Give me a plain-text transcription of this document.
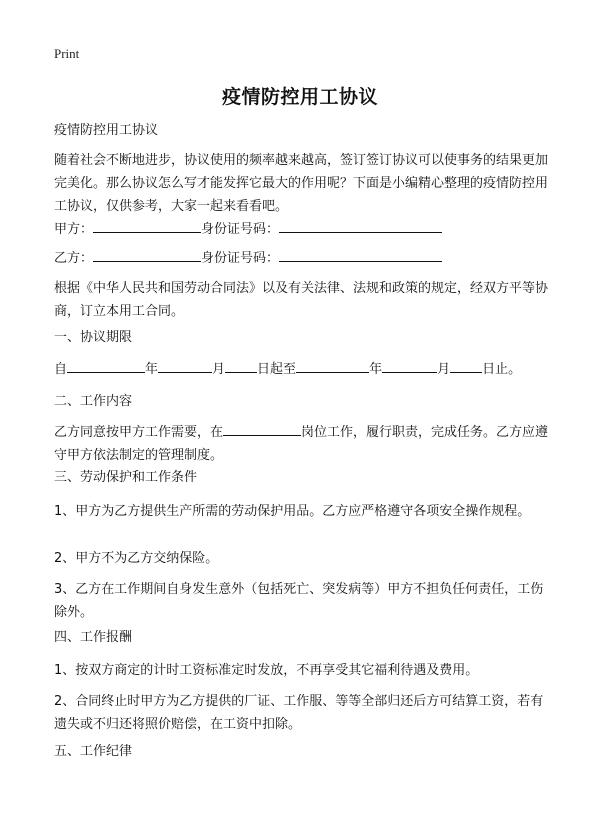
Print
疫情防控用工协议
疫情防控用工协议
随着社会不断地进步，协议使用的频率越来越高，签订签订协议可以使事务的结果更加完美化。那么协议怎么写才能发挥它最大的作用呢？下面是小编精心整理的疫情防控用工协议，仅供参考，大家一起来看看吧。
甲方：	身份证号码：
乙方：	身份证号码：
根据《中华人民共和国劳动合同法》以及有关法律、法规和政策的规定，经双方平等协商，订立本用工合同。
一、协议期限
自	年	月 日起至	年	月 日止。
二、工作内容
乙方同意按甲方工作需要，在	岗位工作，履行职责，完成任务。乙方应遵守甲方依法制定的管理制度。
三、劳动保护和工作条件
1、甲方为乙方提供生产所需的劳动保护用品。乙方应严格遵守各项安全操作规程。
2、甲方不为乙方交纳保险。
3、乙方在工作期间自身发生意外（包括死亡、突发病等）甲方不担负任何责任，工伤除外。
四、工作报酬
1、按双方商定的计时工资标准定时发放，不再享受其它福利待遇及费用。
2、合同终止时甲方为乙方提供的厂证、工作服、等等全部归还后方可结算工资，若有遗失或不归还将照价赔偿，在工资中扣除。
五、工作纪律
